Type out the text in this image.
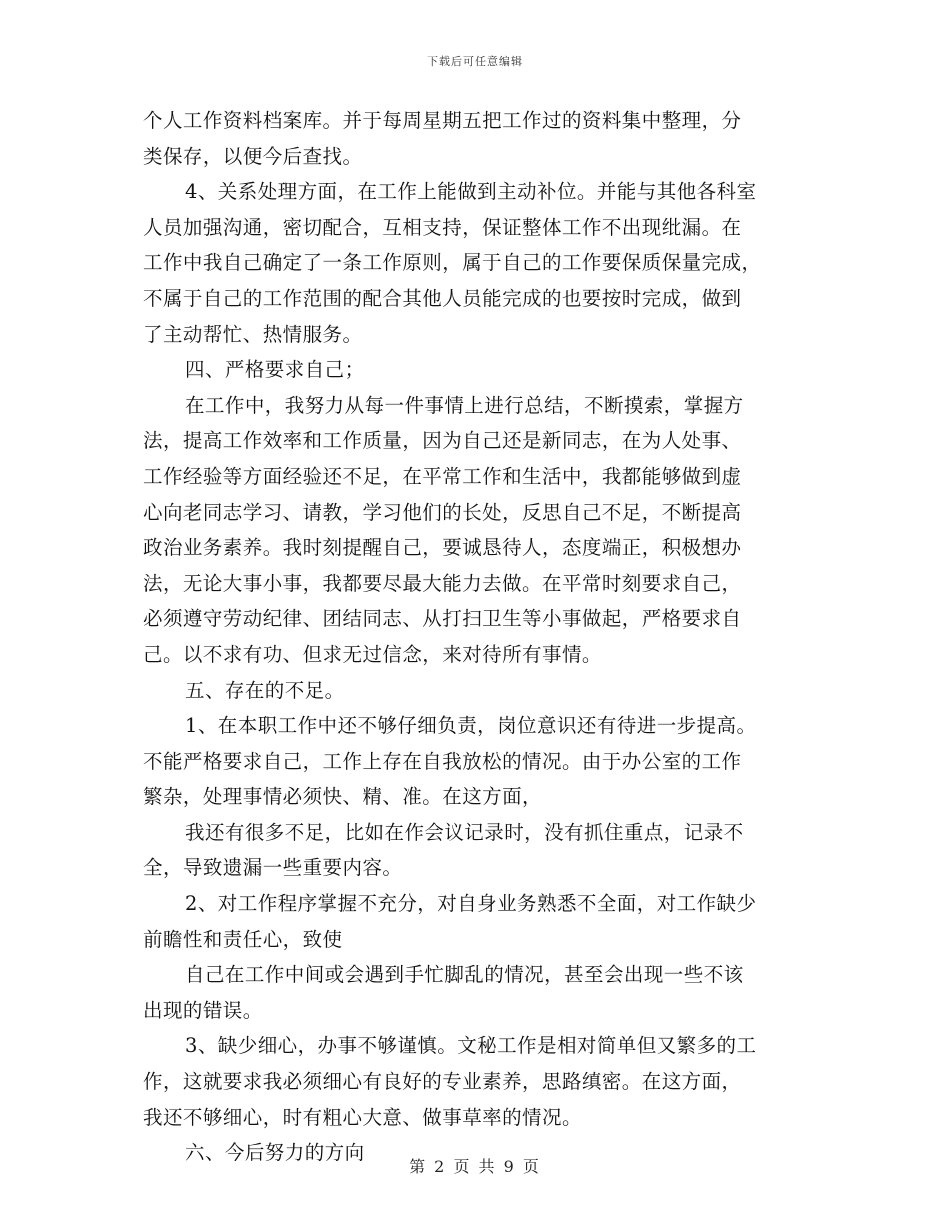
下载后可任意编辑
个人工作资料档案库。并于每周星期五把工作过的资料集中整理，分
类保存，以便今后查找。
4、关系处理方面，在工作上能做到主动补位。并能与其他各科室
人员加强沟通，密切配合，互相支持，保证整体工作不出现纰漏。在
工作中我自己确定了一条工作原则，属于自己的工作要保质保量完成，
不属于自己的工作范围的配合其他人员能完成的也要按时完成，做到
了主动帮忙、热情服务。
四、严格要求自己；
在工作中，我努力从每一件事情上进行总结，不断摸索，掌握方
法，提高工作效率和工作质量，因为自己还是新同志，在为人处事、
工作经验等方面经验还不足，在平常工作和生活中，我都能够做到虚
心向老同志学习、请教，学习他们的长处，反思自己不足，不断提高
政治业务素养。我时刻提醒自己，要诚恳待人，态度端正，积极想办
法，无论大事小事，我都要尽最大能力去做。在平常时刻要求自己，
必须遵守劳动纪律、团结同志、从打扫卫生等小事做起，严格要求自
己。以不求有功、但求无过信念，来对待所有事情。
五、存在的不足。
1、在本职工作中还不够仔细负责，岗位意识还有待进一步提高。
不能严格要求自己，工作上存在自我放松的情况。由于办公室的工作
繁杂，处理事情必须快、精、准。在这方面，
我还有很多不足，比如在作会议记录时，没有抓住重点，记录不
全，导致遗漏一些重要内容。
2、对工作程序掌握不充分，对自身业务熟悉不全面，对工作缺少
前瞻性和责任心，致使
自己在工作中间或会遇到手忙脚乱的情况，甚至会出现一些不该
出现的错误。
3、缺少细心，办事不够谨慎。文秘工作是相对简单但又繁多的工
作，这就要求我必须细心有良好的专业素养，思路缜密。在这方面，
我还不够细心，时有粗心大意、做事草率的情况。
六、今后努力的方向
第 2 页 共 9 页
